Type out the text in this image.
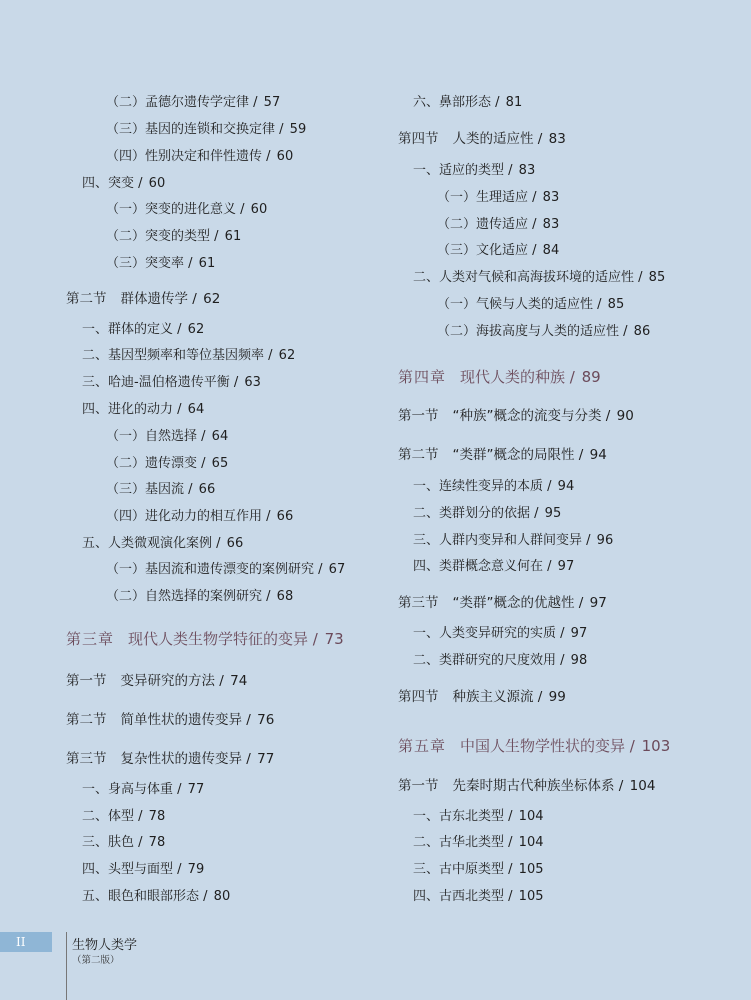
（二）孟德尔遗传学定律 / 57
（三）基因的连锁和交换定律 / 59
（四）性别决定和伴性遗传 / 60
四、突变 / 60
（一）突变的进化意义 / 60
（二）突变的类型 / 61
（三）突变率 / 61
第二节 群体遗传学 / 62
一、群体的定义 / 62
二、基因型频率和等位基因频率 / 62
三、哈迪-温伯格遗传平衡 / 63
四、进化的动力 / 64
（一）自然选择 / 64
（二）遗传漂变 / 65
（三）基因流 / 66
（四）进化动力的相互作用 / 66
五、人类微观演化案例 / 66
（一）基因流和遗传漂变的案例研究 / 67
（二）自然选择的案例研究 / 68
第三章 现代人类生物学特征的变异 / 73
第一节 变异研究的方法 / 74
第二节 简单性状的遗传变异 / 76
第三节 复杂性状的遗传变异 / 77
一、身高与体重 / 77
二、体型 / 78
三、肤色 / 78
四、头型与面型 / 79
五、眼色和眼部形态 / 80
六、鼻部形态 / 81
第四节 人类的适应性 / 83
一、适应的类型 / 83
（一）生理适应 / 83
（二）遗传适应 / 83
（三）文化适应 / 84
二、人类对气候和高海拔环境的适应性 / 85
（一）气候与人类的适应性 / 85
（二）海拔高度与人类的适应性 / 86
第四章 现代人类的种族 / 89
第一节 “种族”概念的流变与分类 / 90
第二节 “类群”概念的局限性 / 94
一、连续性变异的本质 / 94
二、类群划分的依据 / 95
三、人群内变异和人群间变异 / 96
四、类群概念意义何在 / 97
第三节 “类群”概念的优越性 / 97
一、人类变异研究的实质 / 97
二、类群研究的尺度效用 / 98
第四节 种族主义源流 / 99
第五章 中国人生物学性状的变异 / 103
第一节 先秦时期古代种族坐标体系 / 104
一、古东北类型 / 104
二、古华北类型 / 104
三、古中原类型 / 105
四、古西北类型 / 105
II	生物人类学
（第二版）
